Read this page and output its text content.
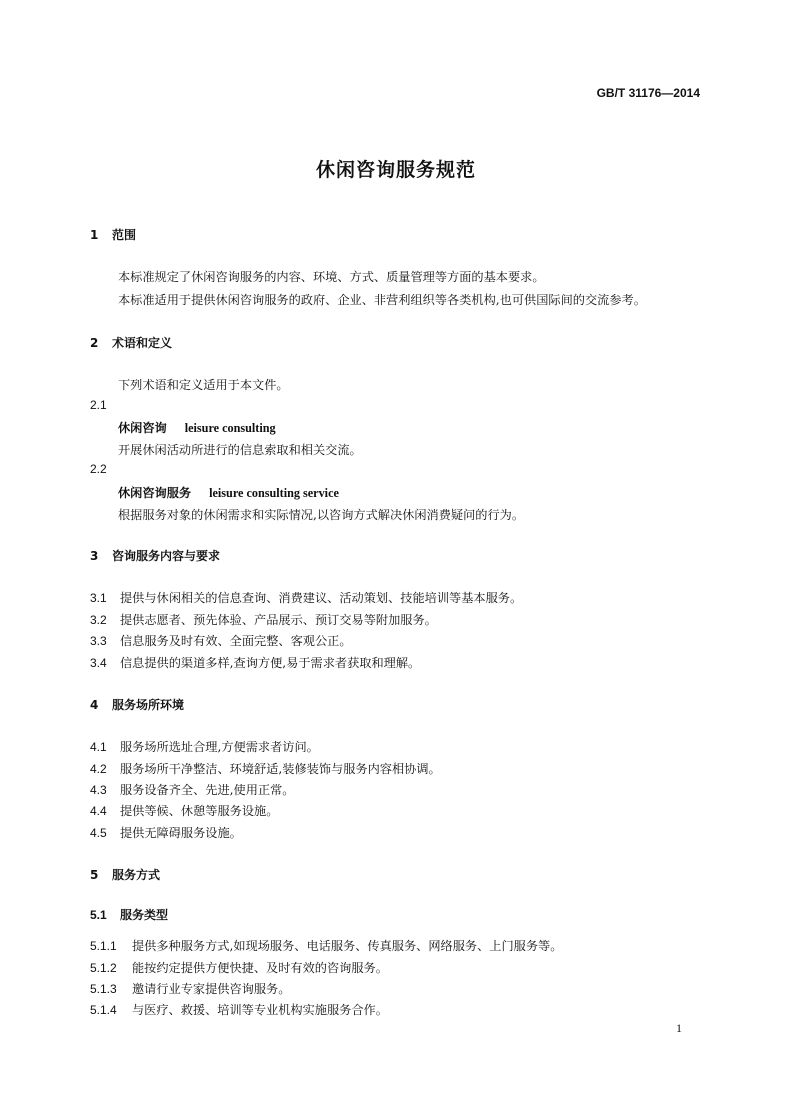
GB/T 31176—2014
休闲咨询服务规范
1 范围
本标准规定了休闲咨询服务的内容、环境、方式、质量管理等方面的基本要求。
本标准适用于提供休闲咨询服务的政府、企业、非营利组织等各类机构,也可供国际间的交流参考。
2 术语和定义
下列术语和定义适用于本文件。
2.1
休闲咨询 leisure consulting
开展休闲活动所进行的信息索取和相关交流。
2.2
休闲咨询服务 leisure consulting service
根据服务对象的休闲需求和实际情况,以咨询方式解决休闲消费疑问的行为。
3 咨询服务内容与要求
3.1 提供与休闲相关的信息查询、消费建议、活动策划、技能培训等基本服务。
3.2 提供志愿者、预先体验、产品展示、预订交易等附加服务。
3.3 信息服务及时有效、全面完整、客观公正。
3.4 信息提供的渠道多样,查询方便,易于需求者获取和理解。
4 服务场所环境
4.1 服务场所选址合理,方便需求者访问。
4.2 服务场所干净整洁、环境舒适,装修装饰与服务内容相协调。
4.3 服务设备齐全、先进,使用正常。
4.4 提供等候、休憩等服务设施。
4.5 提供无障碍服务设施。
5 服务方式
5.1 服务类型
5.1.1 提供多种服务方式,如现场服务、电话服务、传真服务、网络服务、上门服务等。
5.1.2 能按约定提供方便快捷、及时有效的咨询服务。
5.1.3 邀请行业专家提供咨询服务。
5.1.4 与医疗、救援、培训等专业机构实施服务合作。
1
